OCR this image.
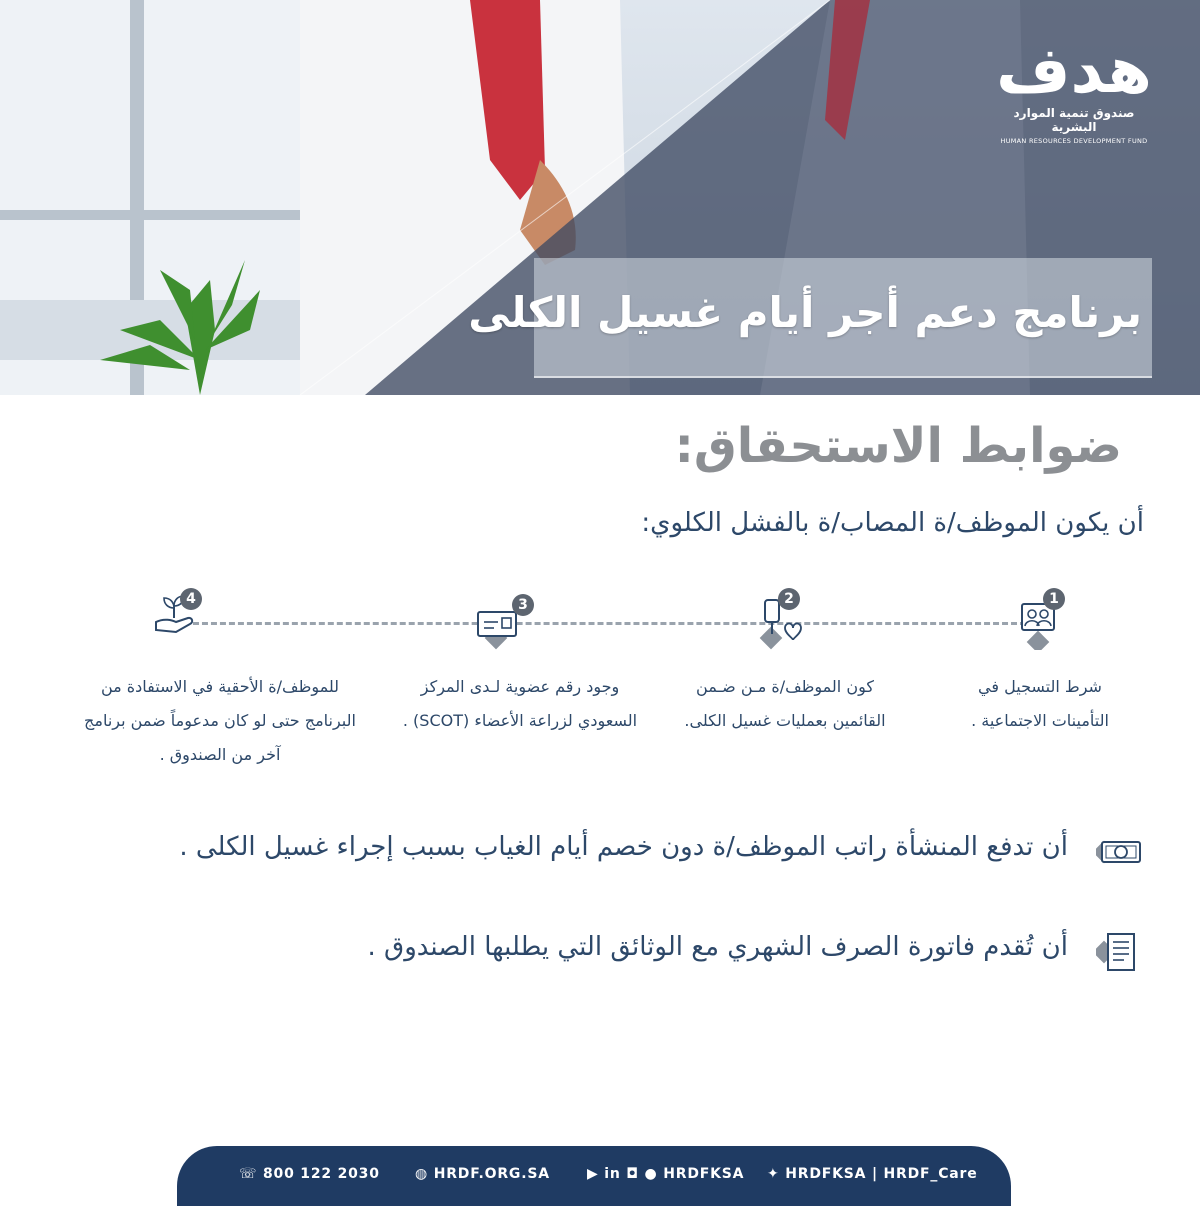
هدف
صندوق تنمية الموارد البشرية
HUMAN RESOURCES DEVELOPMENT FUND
برنامج دعم أجر أيام غسيل الكلى
ضوابط الاستحقاق:
أن يكون الموظف/ة المصاب/ة بالفشل الكلوي:
1
شرط التسجيل في
التأمينات الاجتماعية .
2
كون الموظف/ة مـن ضـمن
القائمين بعمليات غسيل الكلى.
3
وجود رقم عضوية لـدى المركز
السعودي لزراعة الأعضاء (SCOT) .
4
للموظف/ة الأحقية في الاستفادة من
البرنامج حتى لو كان مدعوماً ضمن برنامج
آخر من الصندوق .
أن تدفع المنشأة راتب الموظف/ة دون خصم أيام الغياب بسبب إجراء غسيل الكلى .
أن تُقدم فاتورة الصرف الشهري مع الوثائق التي يطلبها الصندوق .
☏ 800 122 2030	◍ HRDF.ORG.SA	▶ in ◘ ● HRDFKSA ✦ HRDFKSA | HRDF_Care
